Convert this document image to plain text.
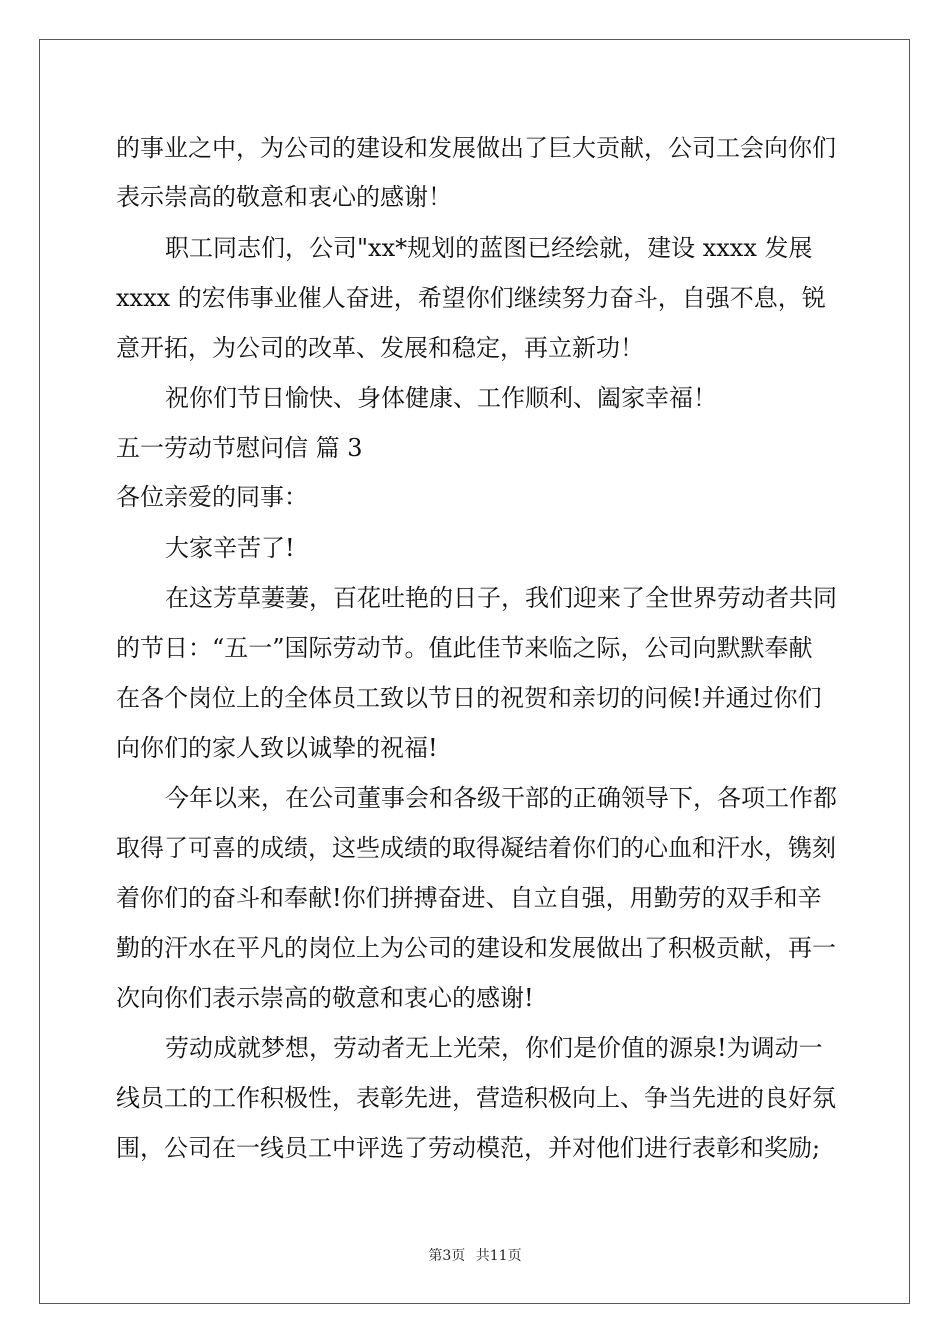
的事业之中，为公司的建设和发展做出了巨大贡献，公司工会向你们
表示崇高的敬意和衷心的感谢！
职工同志们，公司"xx*规划的蓝图已经绘就，建设 xxxx 发展
xxxx 的宏伟事业催人奋进，希望你们继续努力奋斗，自强不息，锐
意开拓，为公司的改革、发展和稳定，再立新功！
祝你们节日愉快、身体健康、工作顺利、阖家幸福！
五一劳动节慰问信 篇 3
各位亲爱的同事：
大家辛苦了!
在这芳草萋萋，百花吐艳的日子，我们迎来了全世界劳动者共同
的节日：“五一”国际劳动节。值此佳节来临之际，公司向默默奉献
在各个岗位上的全体员工致以节日的祝贺和亲切的问候!并通过你们
向你们的家人致以诚挚的祝福!
今年以来，在公司董事会和各级干部的正确领导下，各项工作都
取得了可喜的成绩，这些成绩的取得凝结着你们的心血和汗水，镌刻
着你们的奋斗和奉献!你们拼搏奋进、自立自强，用勤劳的双手和辛
勤的汗水在平凡的岗位上为公司的建设和发展做出了积极贡献，再一
次向你们表示崇高的敬意和衷心的感谢!
劳动成就梦想，劳动者无上光荣，你们是价值的源泉!为调动一
线员工的工作积极性，表彰先进，营造积极向上、争当先进的良好氛
围，公司在一线员工中评选了劳动模范，并对他们进行表彰和奖励;
第3页 共11页
